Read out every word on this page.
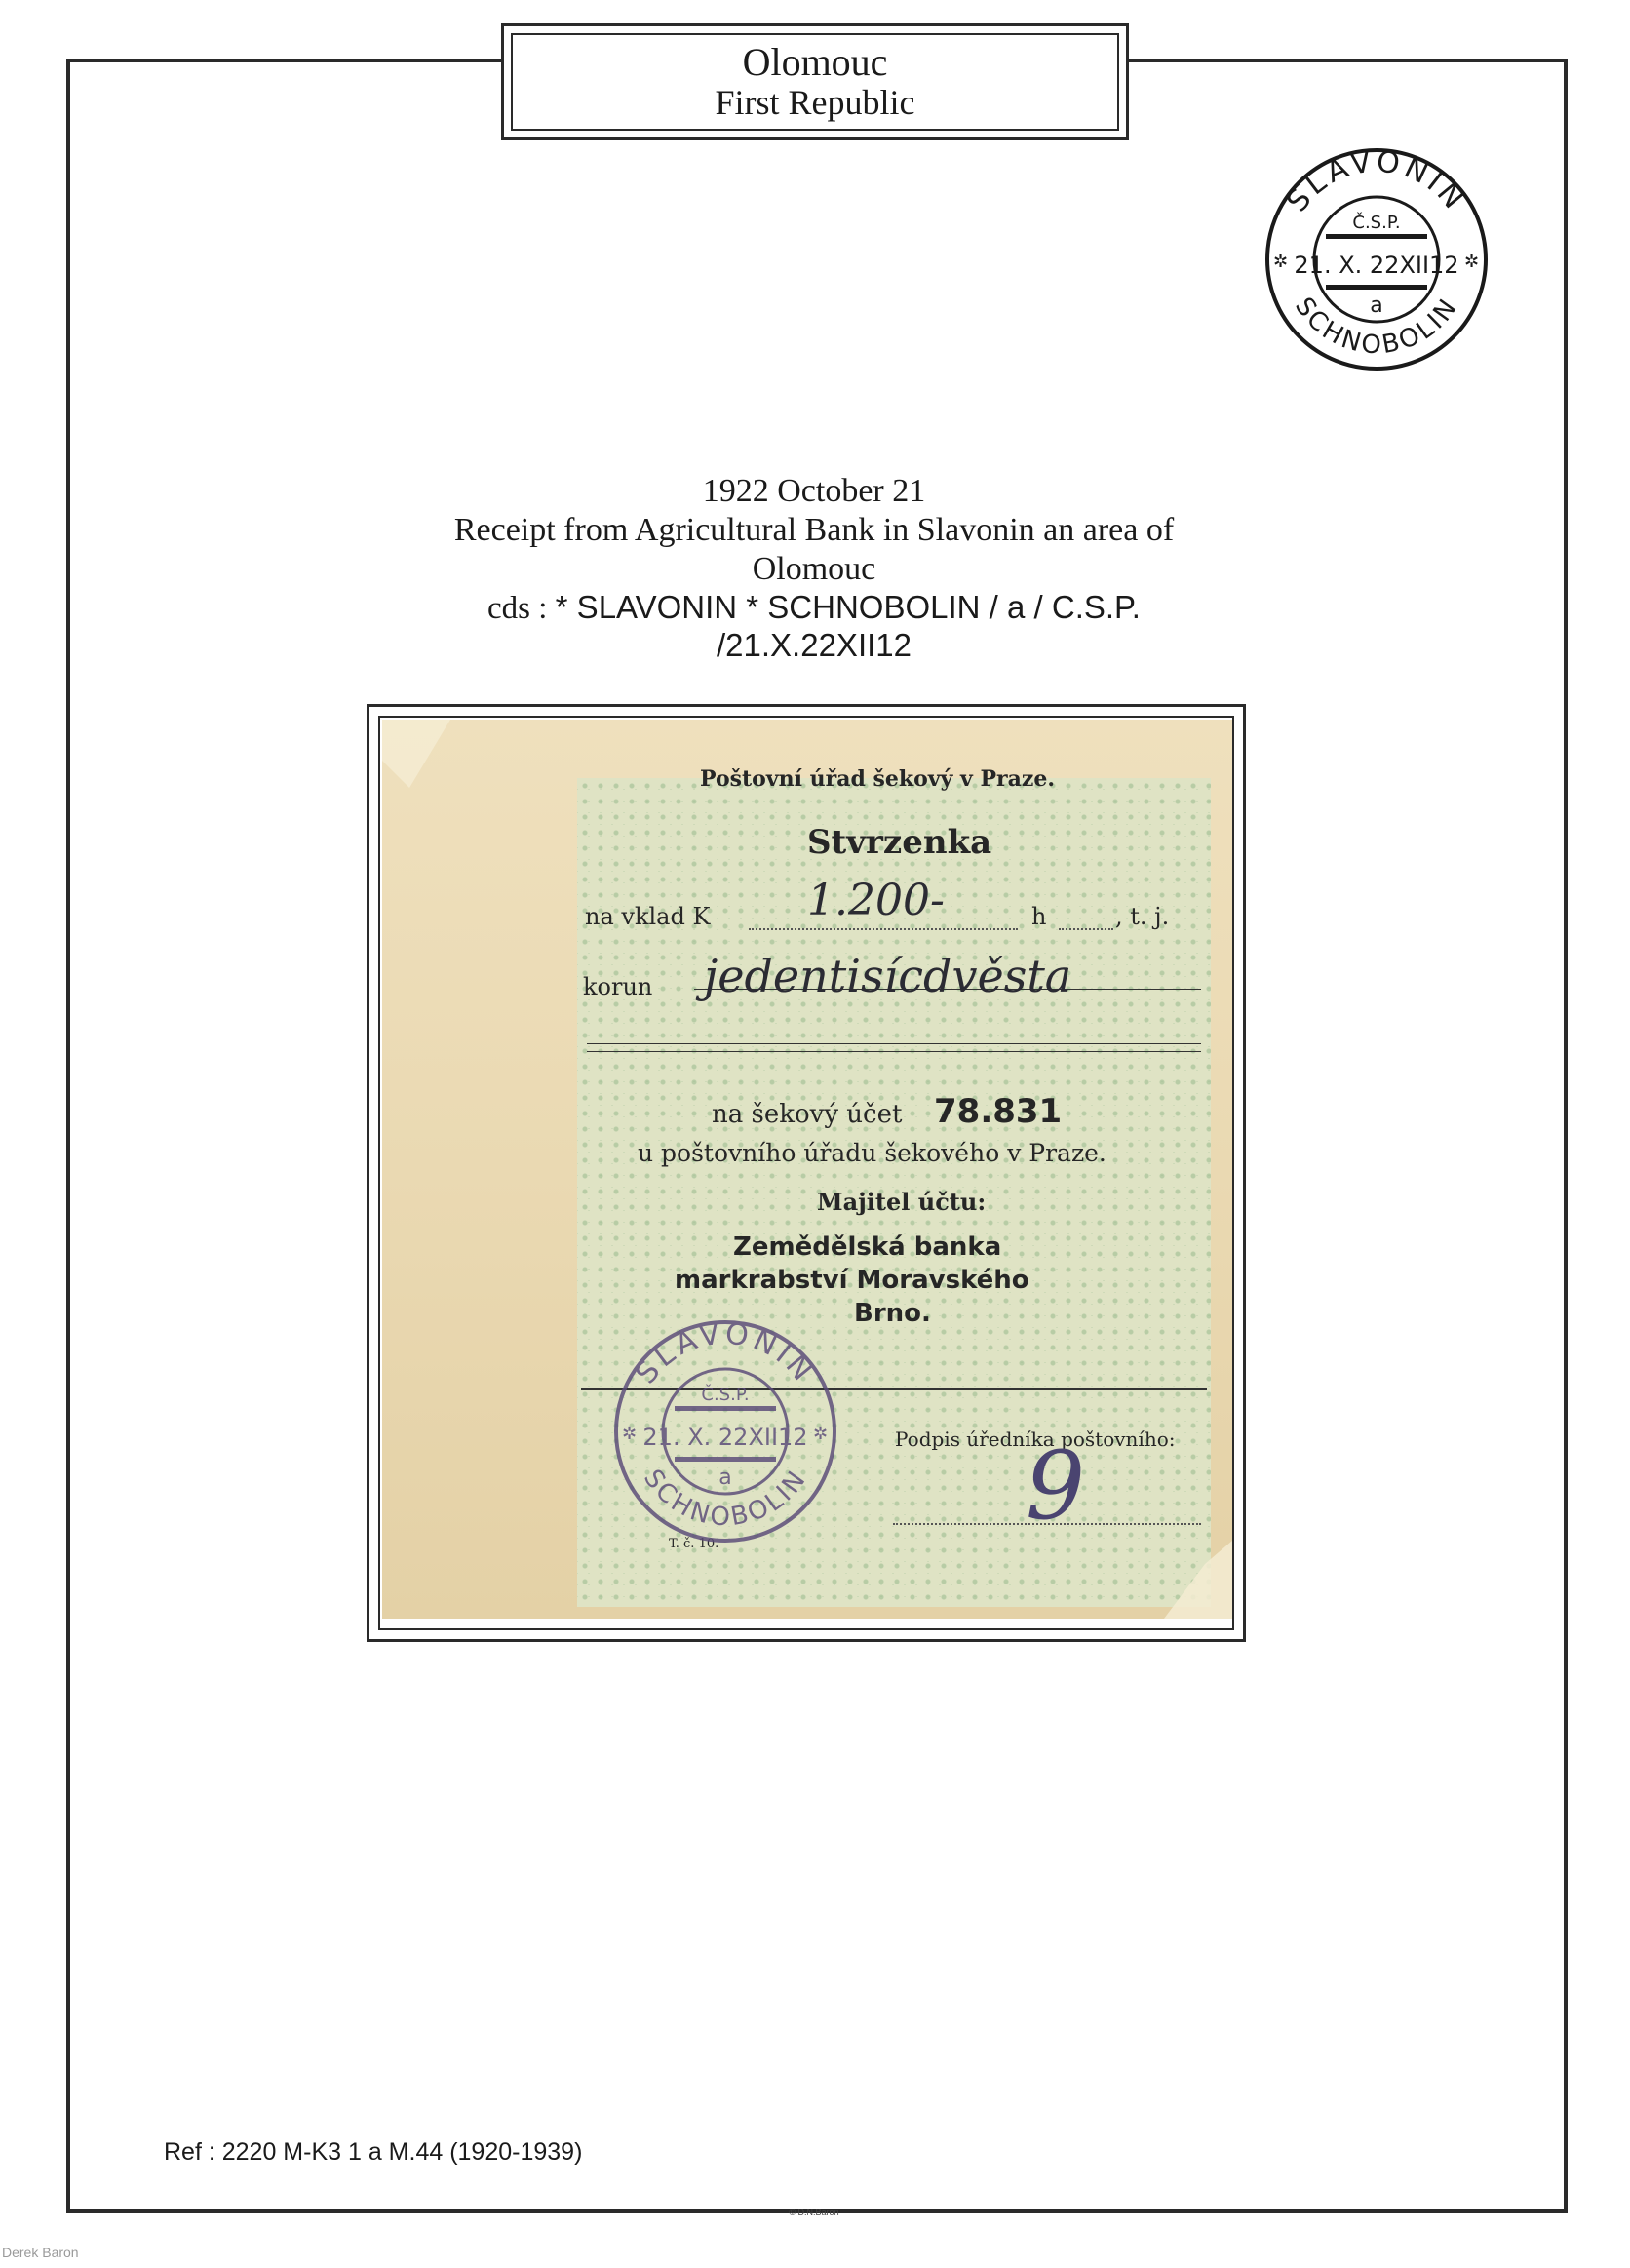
Olomouc
First Republic
SLAVONIN
SCHNOBOLIN
✲	✲
Č.S.P.
21. X. 22XII12
a
1922 October 21
Receipt from Agricultural Bank in Slavonin an area of
Olomouc
cds : * SLAVONIN * SCHNOBOLIN / a / C.S.P.
/21.X.22XII12
Poštovní úřad šekový v Praze.
Stvrzenka
na vklad K 1.200-	h	, t. j.
korun jedentisícdvěsta
na šekový účet 78.831
u poštovního úřadu šekového v Praze.
Majitel účtu:
Zemědělská banka
markrabství Moravského
Brno.
Podpis úředníka poštovního:
9
T. č. 10.
SLAVONIN
SCHNOBOLIN
✲	✲
Č.S.P.
21. X. 22XII12
a
Ref : 2220 M-K3 1 a M.44 (1920-1939)
© D.N.Baron
Derek Baron
